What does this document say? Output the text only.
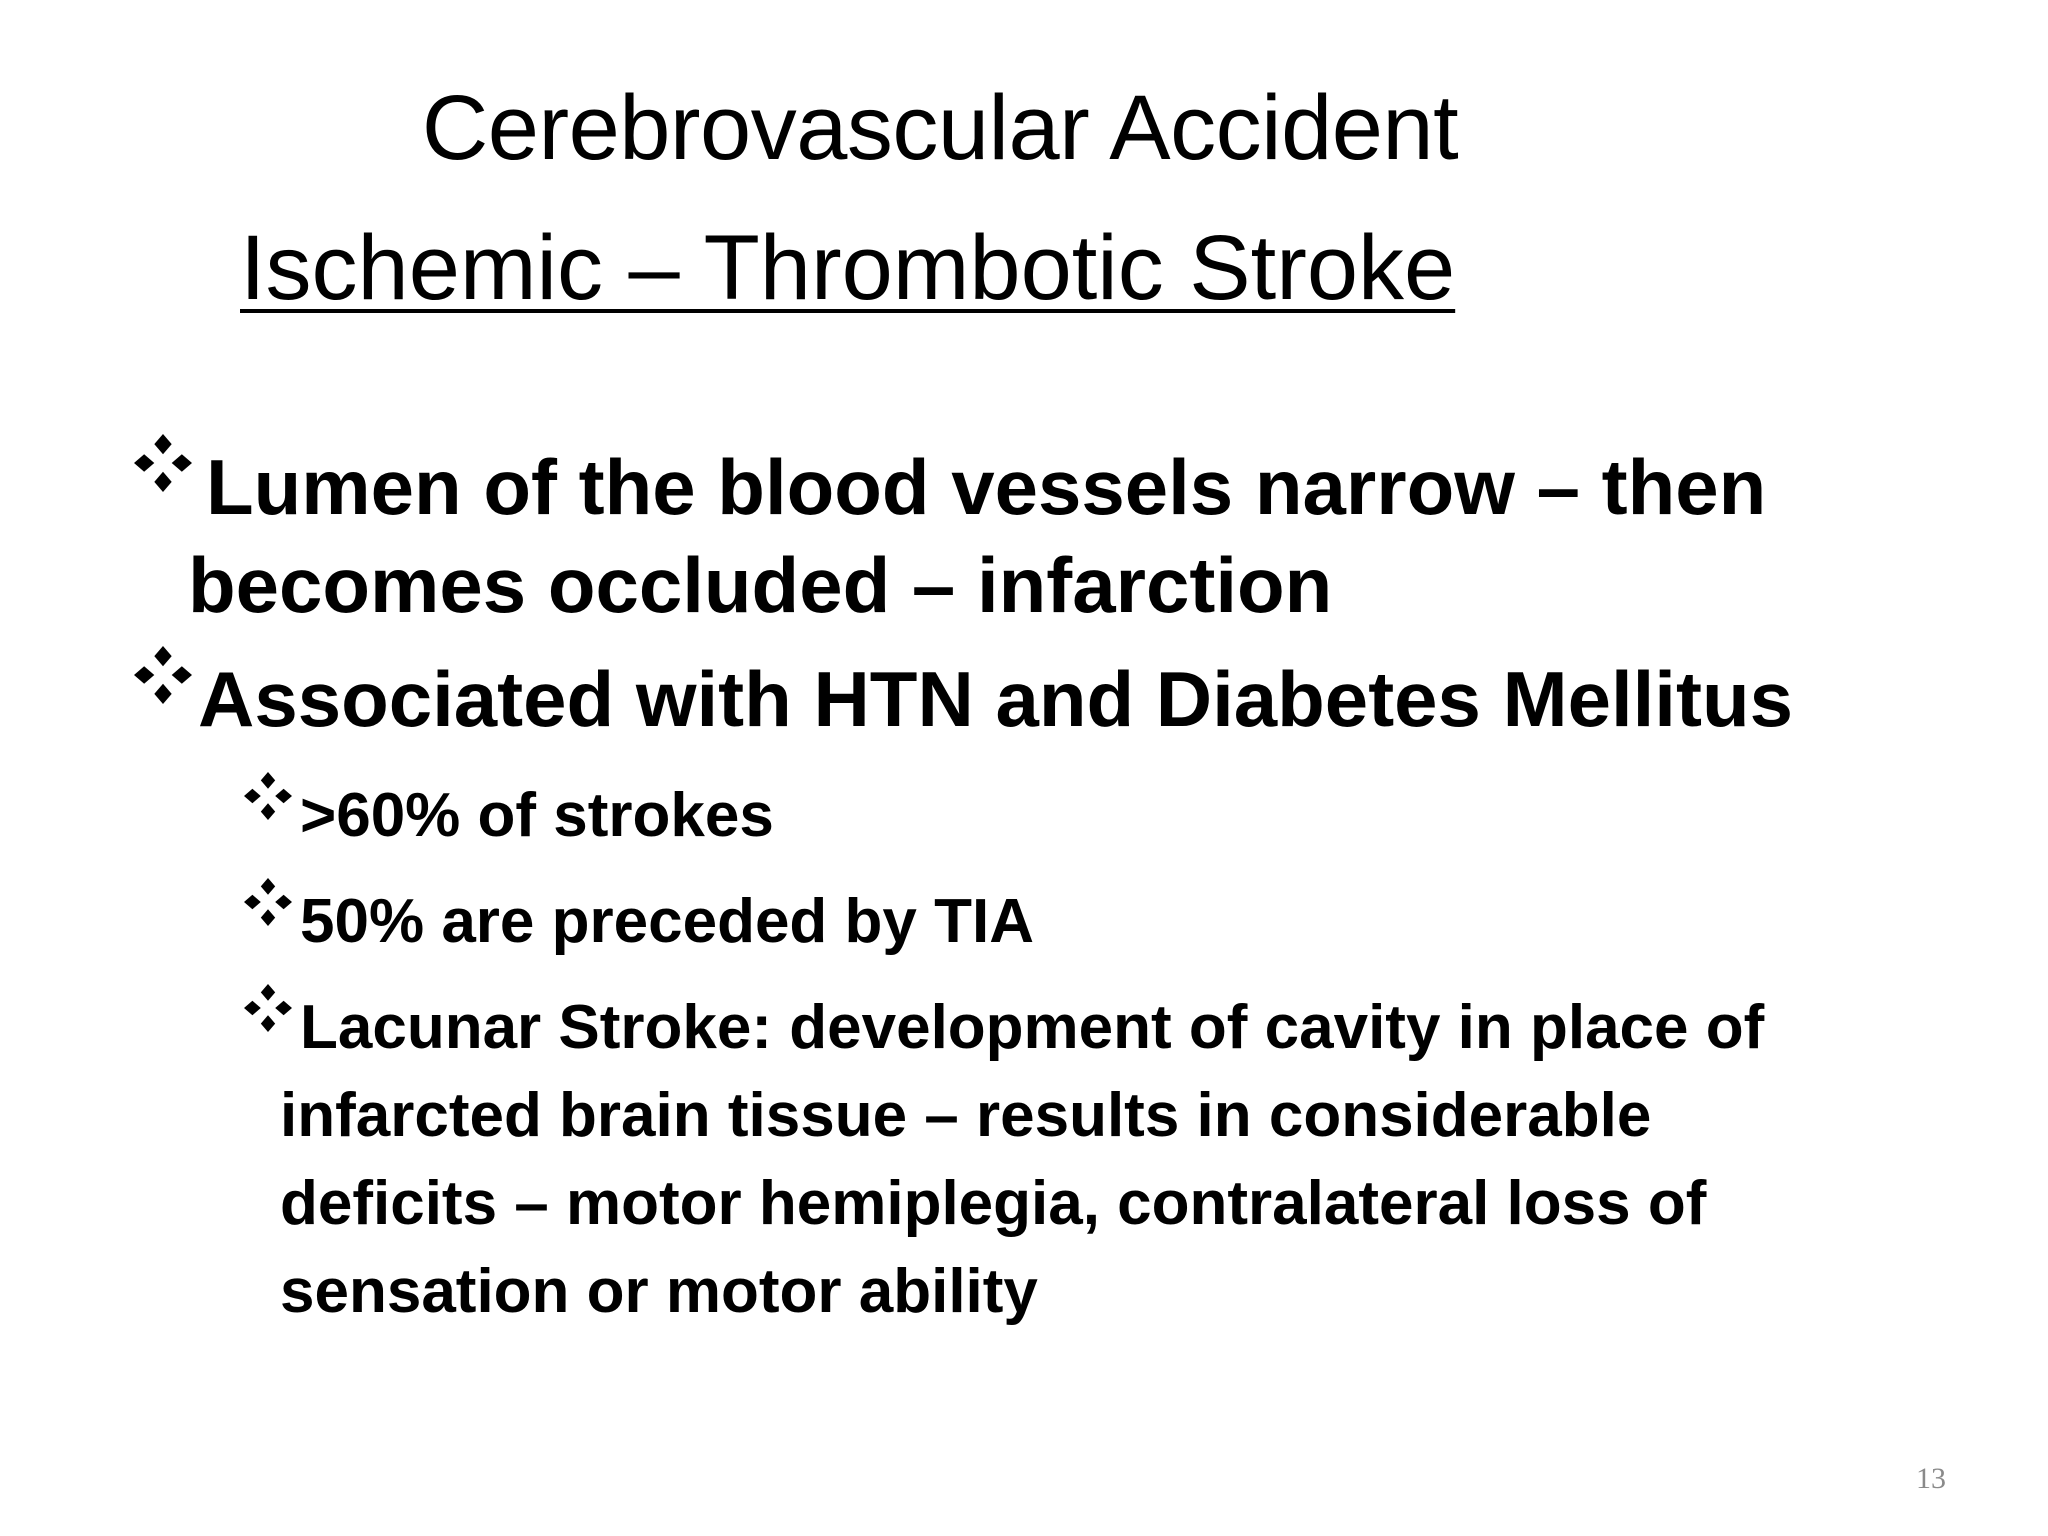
Cerebrovascular Accident
Ischemic – Thrombotic Stroke
Lumen of the blood vessels narrow – then
becomes occluded – infarction
Associated with HTN and Diabetes Mellitus
>60% of strokes
50% are preceded by TIA
Lacunar Stroke: development of cavity in place of
infarcted brain tissue – results in considerable
deficits – motor hemiplegia, contralateral loss of
sensation or motor ability
13
